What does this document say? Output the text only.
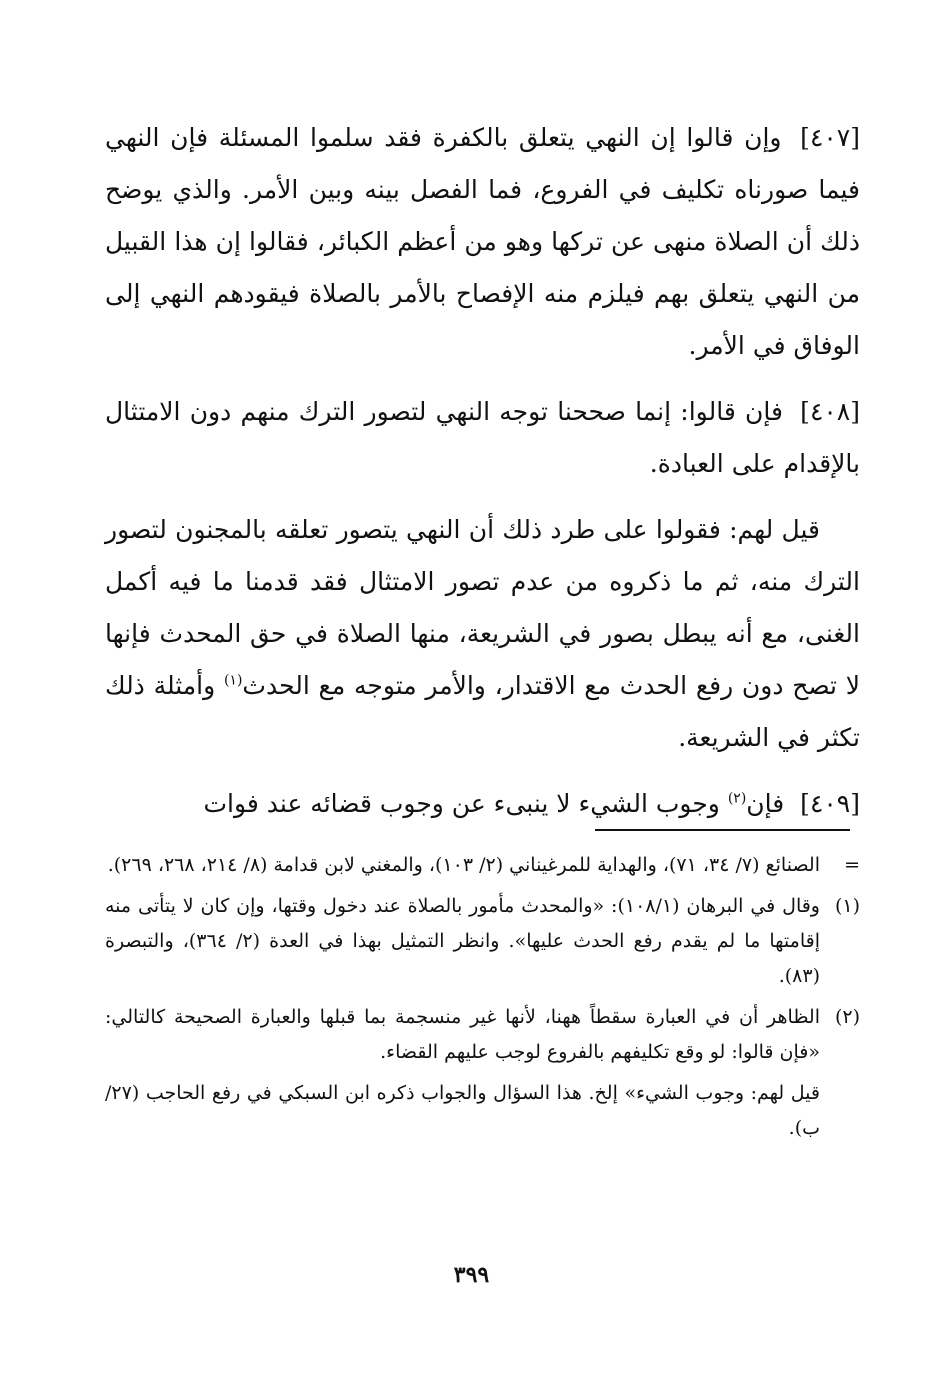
[٤٠٧] وإن قالوا إن النهي يتعلق بالكفرة فقد سلموا المسئلة فإن النهي فيما صورناه تكليف في الفروع، فما الفصل بينه وبين الأمر. والذي يوضح ذلك أن الصلاة منهى عن تركها وهو من أعظم الكبائر، فقالوا إن هذا القبيل من النهي يتعلق بهم فيلزم منه الإفصاح بالأمر بالصلاة فيقودهم النهي إلى الوفاق في الأمر.

[٤٠٨] فإن قالوا: إنما صححنا توجه النهي لتصور الترك منهم دون الامتثال بالإقدام على العبادة.

قيل لهم: فقولوا على طرد ذلك أن النهي يتصور تعلقه بالمجنون لتصور الترك منه، ثم ما ذكروه من عدم تصور الامتثال فقد قدمنا ما فيه أكمل الغنى، مع أنه يبطل بصور في الشريعة، منها الصلاة في حق المحدث فإنها لا تصح دون رفع الحدث مع الاقتدار، والأمر متوجه مع الحدث$^{(١)}$ وأمثلة ذلك تكثر في الشريعة.

[٤٠٩] فإن$^{(٢)}$ وجوب الشيء لا ينبىء عن وجوب قضائه عند فوات

=
الصنائع (٧/ ٣٤، ٧١)، والهداية للمرغيناني (٢/ ١٠٣)، والمغني لابن قدامة (٨/ ٢١٤، ٢٦٨، ٢٦٩).
(١)
وقال في البرهان (١٠٨/١): «والمحدث مأمور بالصلاة عند دخول وقتها، وإن كان لا يتأتى منه إقامتها ما لم يقدم رفع الحدث عليها». وانظر التمثيل بهذا في العدة (٢/ ٣٦٤)، والتبصرة (٨٣).
(٢)
الظاهر أن في العبارة سقطاً ههنا، لأنها غير منسجمة بما قبلها والعبارة الصحيحة كالتالي: «فإن قالوا: لو وقع تكليفهم بالفروع لوجب عليهم القضاء.
قيل لهم: وجوب الشيء» إلخ. هذا السؤال والجواب ذكره ابن السبكي في رفع الحاجب (٢٧/ ب).
٣٩٩
